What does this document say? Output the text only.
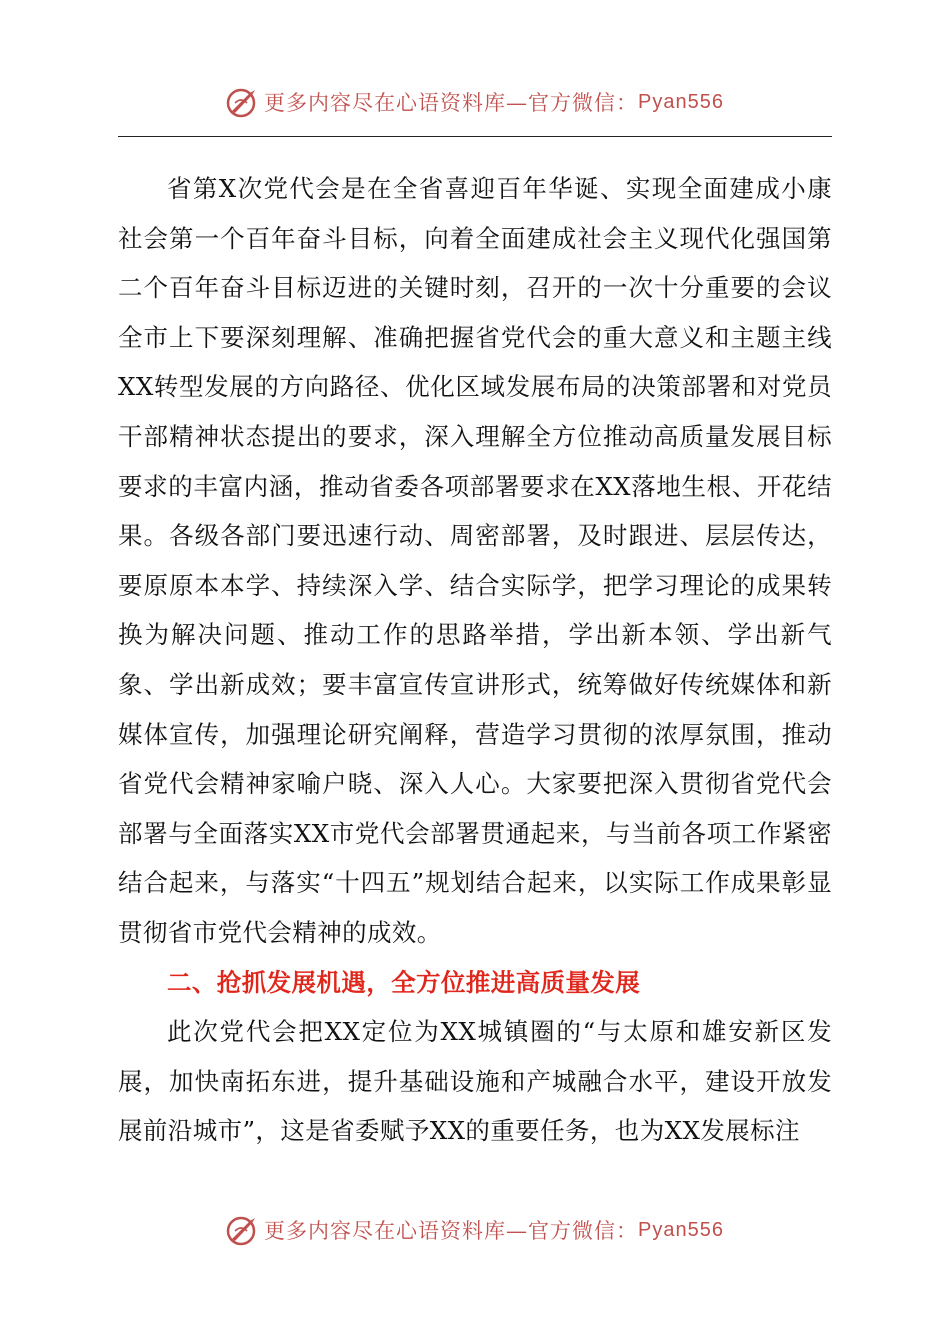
更多内容尽在心语资料库—官方微信： Pyan556

省第X次党代会是在全省喜迎百年华诞、实现全面建成小康社会第一个百年奋斗目标，向着全面建成社会主义现代化强国第二个百年奋斗目标迈进的关键时刻，召开的一次十分重要的会议全市上下要深刻理解、准确把握省党代会的重大意义和主题主线XX转型发展的方向路径、优化区域发展布局的决策部署和对党员干部精神状态提出的要求，深入理解全方位推动高质量发展目标要求的丰富内涵，推动省委各项部署要求在XX落地生根、开花结果。各级各部门要迅速行动、周密部署，及时跟进、层层传达，要原原本本学、持续深入学、结合实际学，把学习理论的成果转换为解决问题、推动工作的思路举措，学出新本领、学出新气象、学出新成效；要丰富宣传宣讲形式，统筹做好传统媒体和新媒体宣传，加强理论研究阐释，营造学习贯彻的浓厚氛围，推动省党代会精神家喻户晓、深入人心。大家要把深入贯彻省党代会部署与全面落实XX市党代会部署贯通起来，与当前各项工作紧密结合起来，与落实“十四五”规划结合起来，以实际工作成果彰显贯彻省市党代会精神的成效。

二、抢抓发展机遇，全方位推进高质量发展

此次党代会把XX定位为XX城镇圈的“与太原和雄安新区发展，加快南拓东进，提升基础设施和产城融合水平，建设开放发展前沿城市”，这是省委赋予XX的重要任务，也为XX发展标注

更多内容尽在心语资料库—官方微信： Pyan556
